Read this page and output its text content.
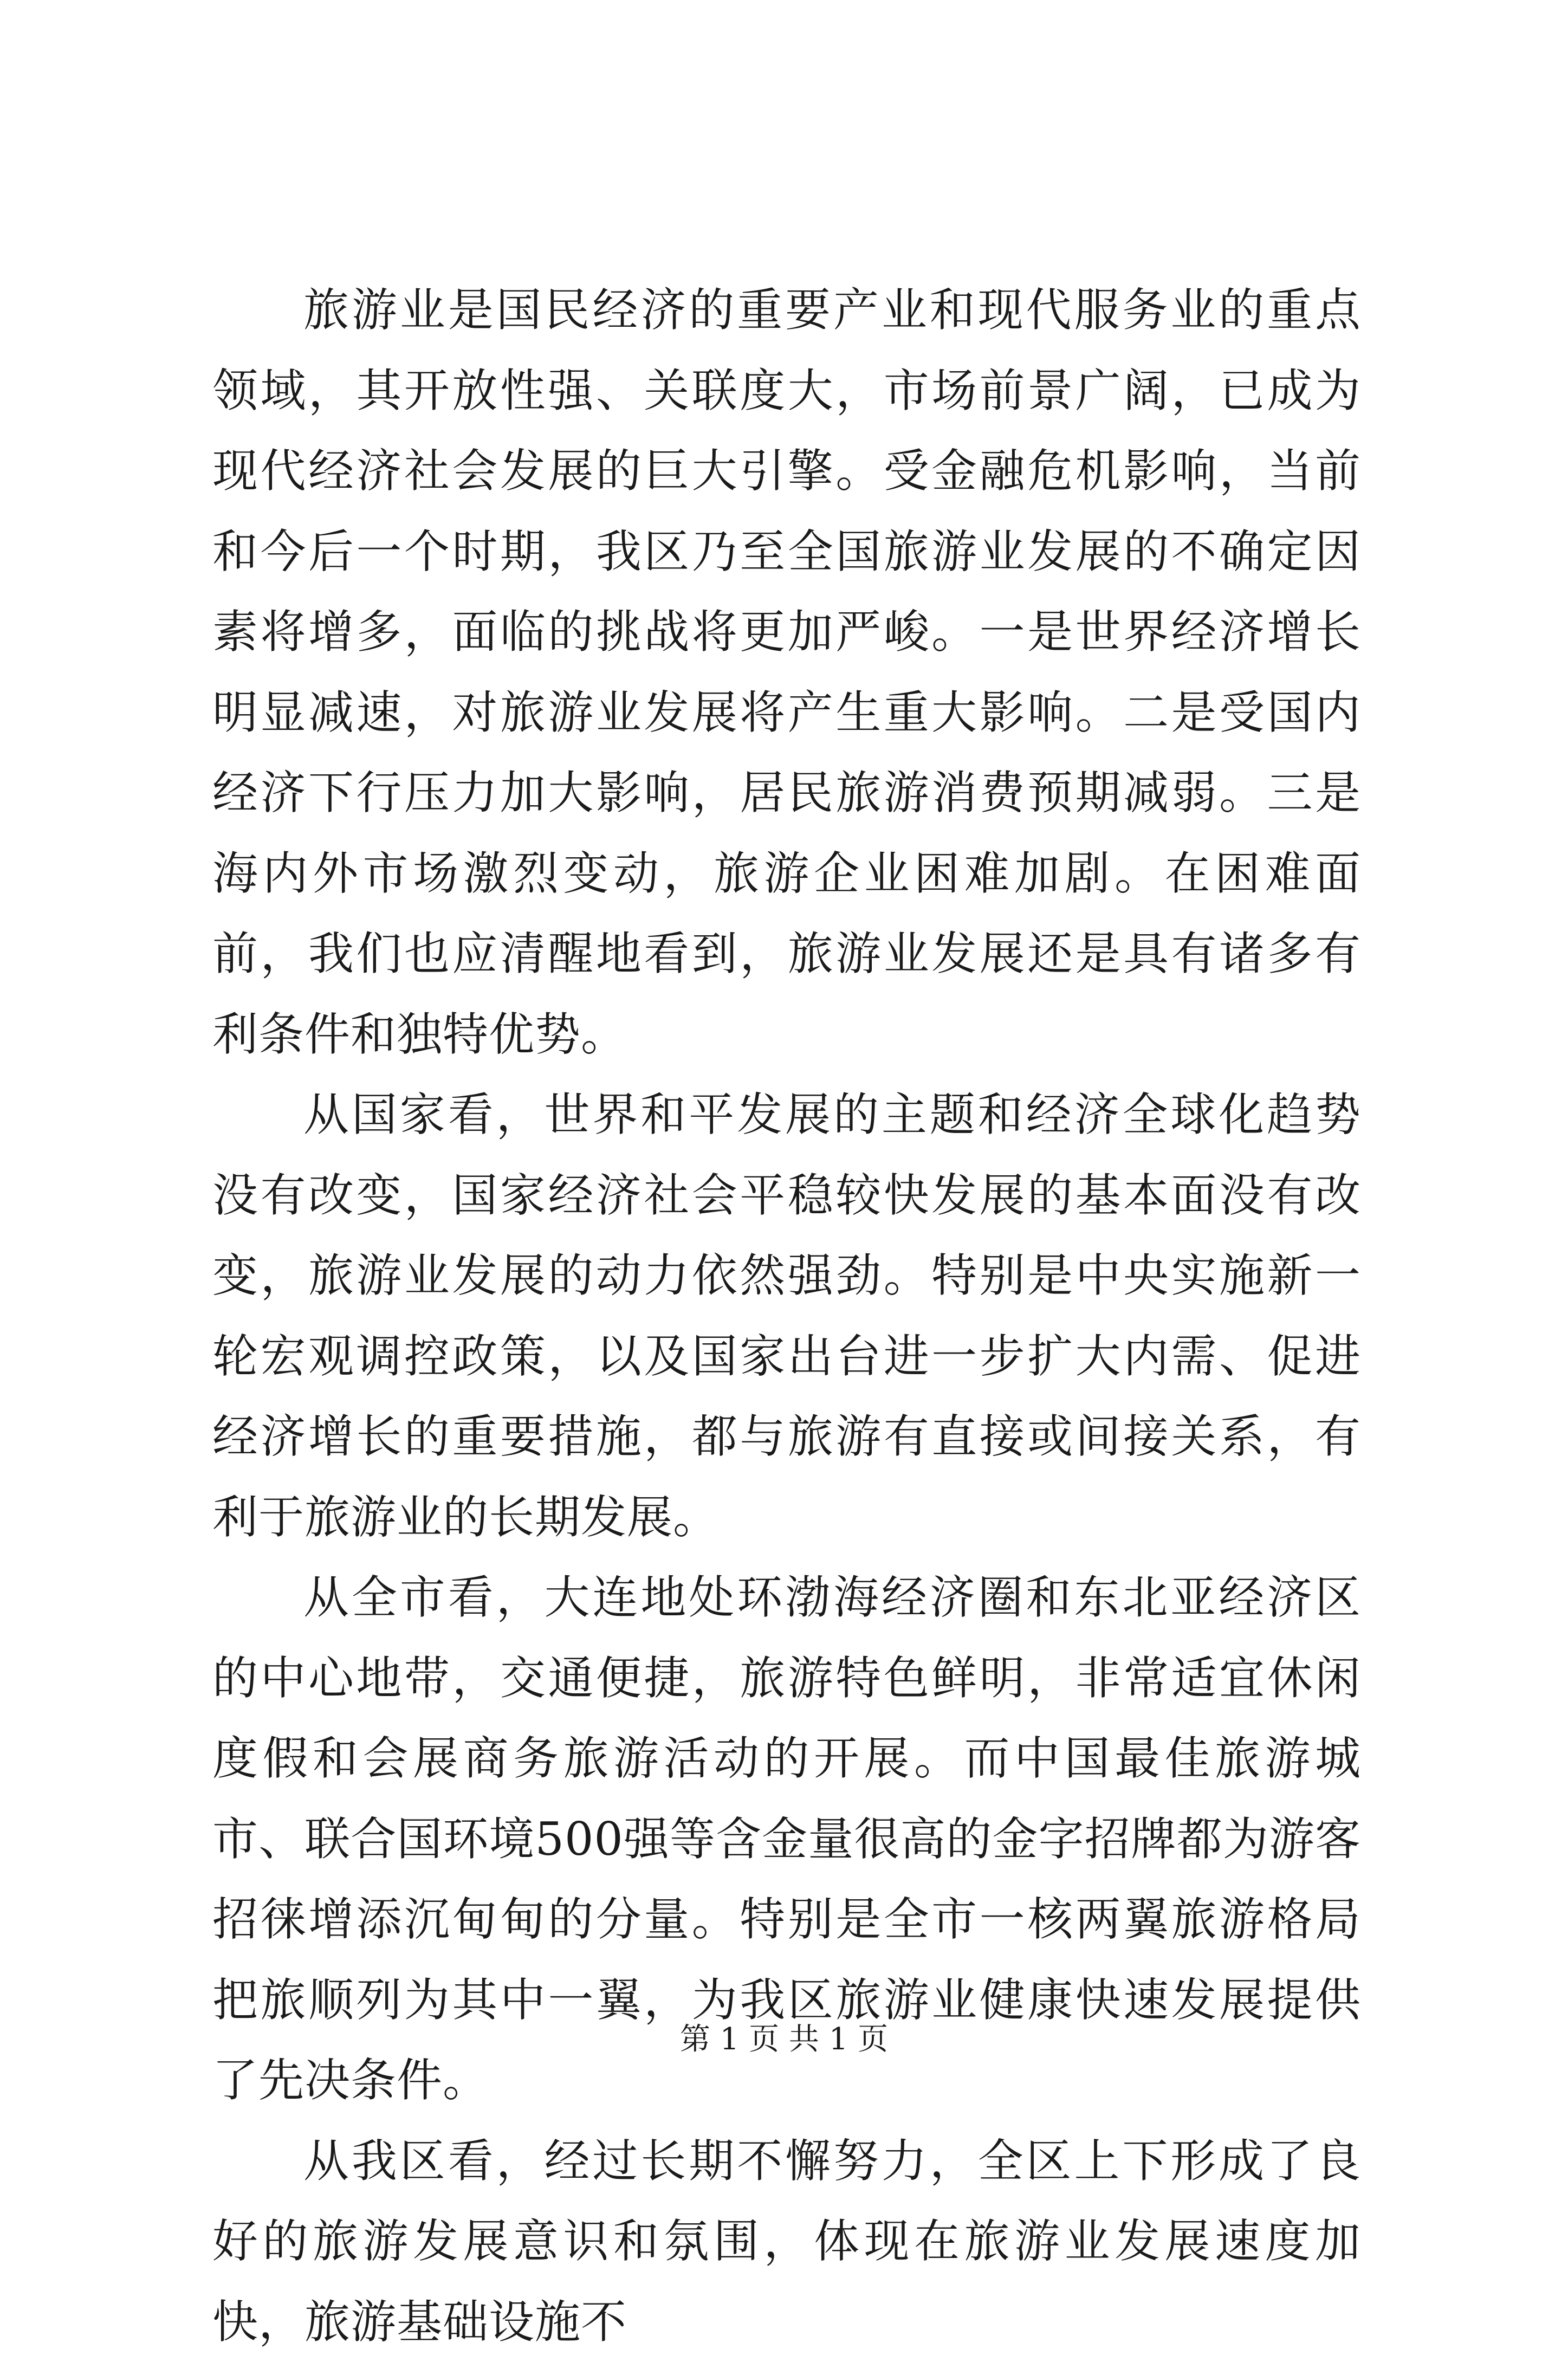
旅游业是国民经济的重要产业和现代服务业的重点领域，其开放性强、关联度大，市场前景广阔，已成为现代经济社会发展的巨大引擎。受金融危机影响，当前和今后一个时期，我区乃至全国旅游业发展的不确定因素将增多，面临的挑战将更加严峻。一是世界经济增长明显减速，对旅游业发展将产生重大影响。二是受国内经济下行压力加大影响，居民旅游消费预期减弱。三是海内外市场激烈变动，旅游企业困难加剧。在困难面前，我们也应清醒地看到，旅游业发展还是具有诸多有利条件和独特优势。

从国家看，世界和平发展的主题和经济全球化趋势没有改变，国家经济社会平稳较快发展的基本面没有改变，旅游业发展的动力依然强劲。特别是中央实施新一轮宏观调控政策，以及国家出台进一步扩大内需、促进经济增长的重要措施，都与旅游有直接或间接关系，有利于旅游业的长期发展。

从全市看，大连地处环渤海经济圈和东北亚经济区的中心地带，交通便捷，旅游特色鲜明，非常适宜休闲度假和会展商务旅游活动的开展。而中国最佳旅游城市、联合国环境500强等含金量很高的金字招牌都为游客招徕增添沉甸甸的分量。特别是全市一核两翼旅游格局把旅顺列为其中一翼，为我区旅游业健康快速发展提供了先决条件。

从我区看，经过长期不懈努力，全区上下形成了良好的旅游发展意识和氛围，体现在旅游业发展速度加快，旅游基础设施不

第 1 页 共 1 页
